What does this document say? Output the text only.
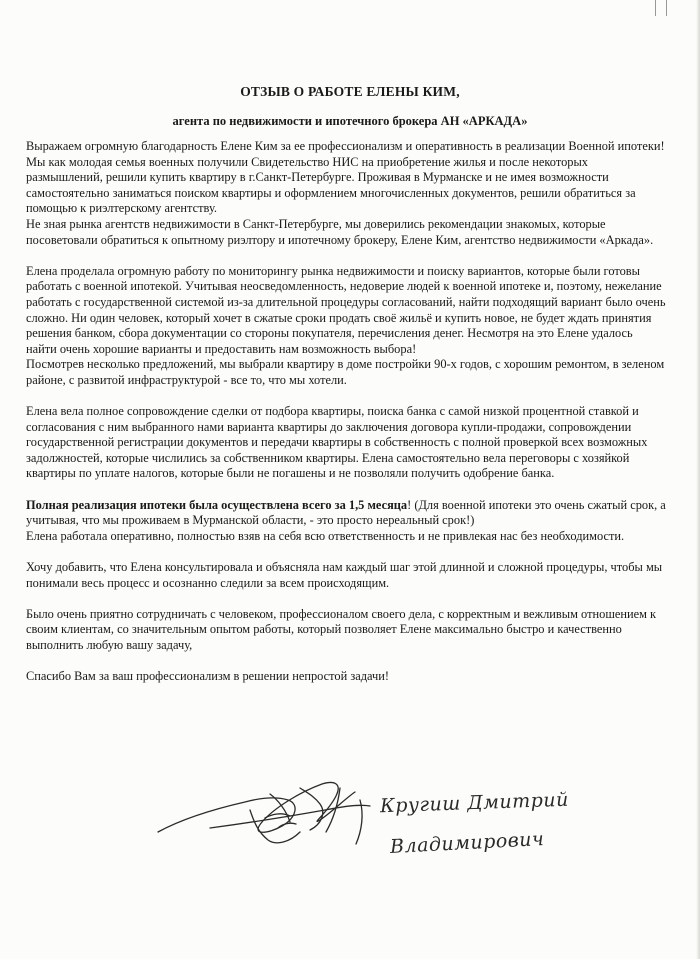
ОТЗЫВ О РАБОТЕ ЕЛЕНЫ КИМ,
агента по недвижимости и ипотечного брокера АН «АРКАДА»

Выражаем огромную благодарность Елене Ким за ее профессионализм и оперативность в реализации Военной ипотеки!

Мы как молодая семья военных получили Свидетельство НИС на приобретение жилья и после некоторых размышлений, решили купить квартиру в г.Санкт-Петербурге. Проживая в Мурманске и не имея возможности самостоятельно заниматься поиском квартиры и оформлением многочисленных документов, решили обратиться за помощью к риэлтерскому агентству.

Не зная рынка агентств недвижимости в Санкт-Петербурге, мы доверились рекомендации знакомых, которые посоветовали обратиться к опытному риэлтору и ипотечному брокеру, Елене Ким, агентство недвижимости «Аркада».

Елена проделала огромную работу по мониторингу рынка недвижимости и поиску вариантов, которые были готовы работать с военной ипотекой. Учитывая неосведомленность, недоверие людей к военной ипотеке и, поэтому, нежелание работать с государственной системой из-за длительной процедуры согласований, найти подходящий вариант было очень сложно. Ни один человек, который хочет в сжатые сроки продать своё жильё и купить новое, не будет ждать принятия решения банком, сбора документации со стороны покупателя, перечисления денег. Несмотря на это Елене удалось найти очень хорошие варианты и предоставить нам возможность выбора!

Посмотрев несколько предложений, мы выбрали квартиру в доме постройки 90-х годов, с хорошим ремонтом, в зеленом районе, с развитой инфраструктурой - все то, что мы хотели.

Елена вела полное сопровождение сделки от подбора квартиры, поиска банка с самой низкой процентной ставкой и согласования с ним выбранного нами варианта квартиры до заключения договора купли-продажи, сопровождении государственной регистрации документов и передачи квартиры в собственность с полной проверкой всех возможных задолжностей, которые числились за собственником квартиры. Елена самостоятельно вела переговоры с хозяйкой квартиры по уплате налогов, которые были не погашены и не позволяли получить одобрение банка.

Полная реализация ипотеки была осуществлена всего за 1,5 месяца! (Для военной ипотеки это очень сжатый срок, а учитывая, что мы проживаем в Мурманской области, - это просто нереальный срок!)

Елена работала оперативно, полностью взяв на себя всю ответственность и не привлекая нас без необходимости.

Хочу добавить, что Елена консультировала и объясняла нам каждый шаг этой длинной и сложной процедуры, чтобы мы понимали весь процесс и осознанно следили за всем происходящим.

Было очень приятно сотрудничать с человеком, профессионалом своего дела, с корректным и вежливым отношением к своим клиентам, со значительным опытом работы, который позволяет Елене максимально быстро и качественно выполнить любую вашу задачу,

Спасибо Вам за ваш профессионализм в решении непростой задачи!

Кругиш Дмитрий
Владимирович
